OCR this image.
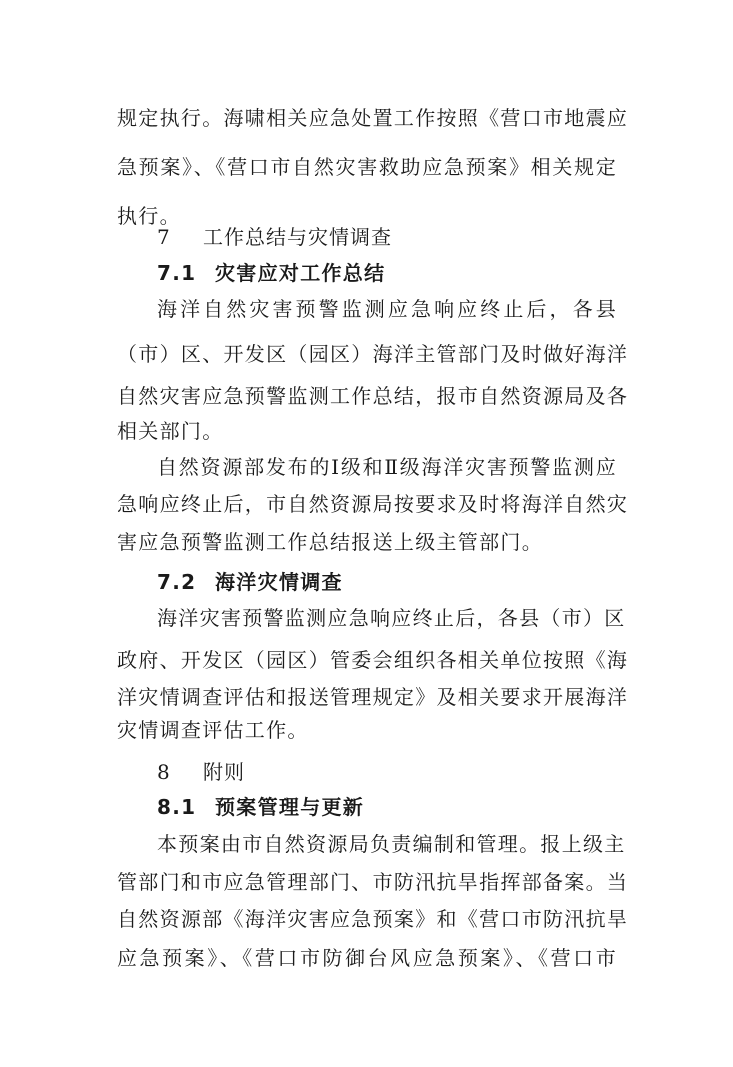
规定执行。海啸相关应急处置工作按照《营口市地震应
急预案》、《营口市自然灾害救助应急预案》相关规定
执行。
7 工作总结与灾情调查
7.1 灾害应对工作总结
海洋自然灾害预警监测应急响应终止后，各县
（市）区、开发区（园区）海洋主管部门及时做好海洋
自然灾害应急预警监测工作总结，报市自然资源局及各
相关部门。
自然资源部发布的Ⅰ级和Ⅱ级海洋灾害预警监测应
急响应终止后，市自然资源局按要求及时将海洋自然灾
害应急预警监测工作总结报送上级主管部门。
7.2 海洋灾情调查
海洋灾害预警监测应急响应终止后，各县（市）区
政府、开发区（园区）管委会组织各相关单位按照《海
洋灾情调查评估和报送管理规定》及相关要求开展海洋
灾情调查评估工作。
8 附则
8.1 预案管理与更新
本预案由市自然资源局负责编制和管理。报上级主
管部门和市应急管理部门、市防汛抗旱指挥部备案。当
自然资源部《海洋灾害应急预案》和《营口市防汛抗旱
应急预案》、《营口市防御台风应急预案》、《营口市
